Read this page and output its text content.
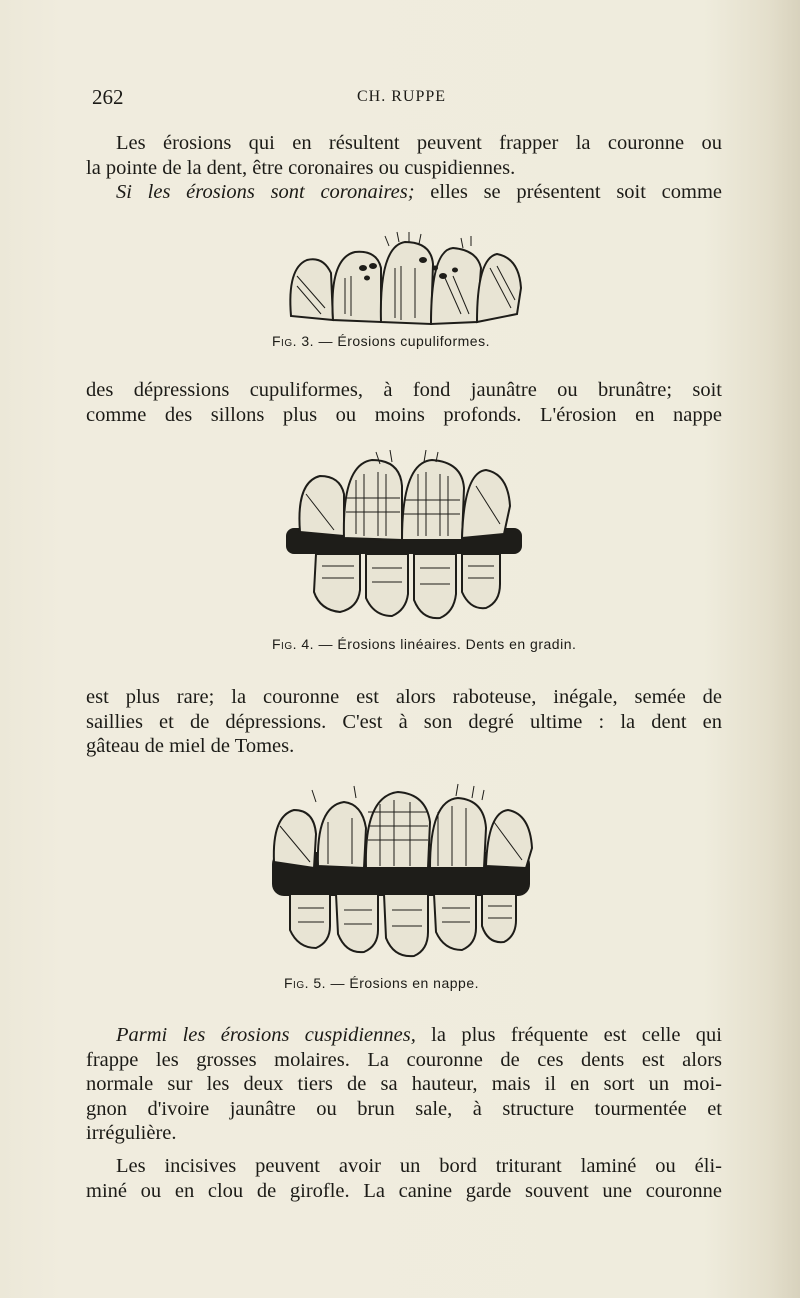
262	CH. RUPPE

Les érosions qui en résultent peuvent frapper la couronne ou
la pointe de la dent, être coronaires ou cuspidiennes.
Si les érosions sont coronaires; elles se présentent soit comme

Fig. 3. — Érosions cupuliformes.

des dépressions cupuliformes, à fond jaunâtre ou brunâtre; soit
comme des sillons plus ou moins profonds. L'érosion en nappe

Fig. 4. — Érosions linéaires. Dents en gradin.

est plus rare; la couronne est alors raboteuse, inégale, semée de
saillies et de dépressions. C'est à son degré ultime : la dent en
gâteau de miel de Tomes.

Fig. 5. — Érosions en nappe.

Parmi les érosions cuspidiennes, la plus fréquente est celle qui
frappe les grosses molaires. La couronne de ces dents est alors
normale sur les deux tiers de sa hauteur, mais il en sort un moi-
gnon d'ivoire jaunâtre ou brun sale, à structure tourmentée et
irrégulière.

Les incisives peuvent avoir un bord triturant laminé ou éli-
miné ou en clou de girofle. La canine garde souvent une couronne
